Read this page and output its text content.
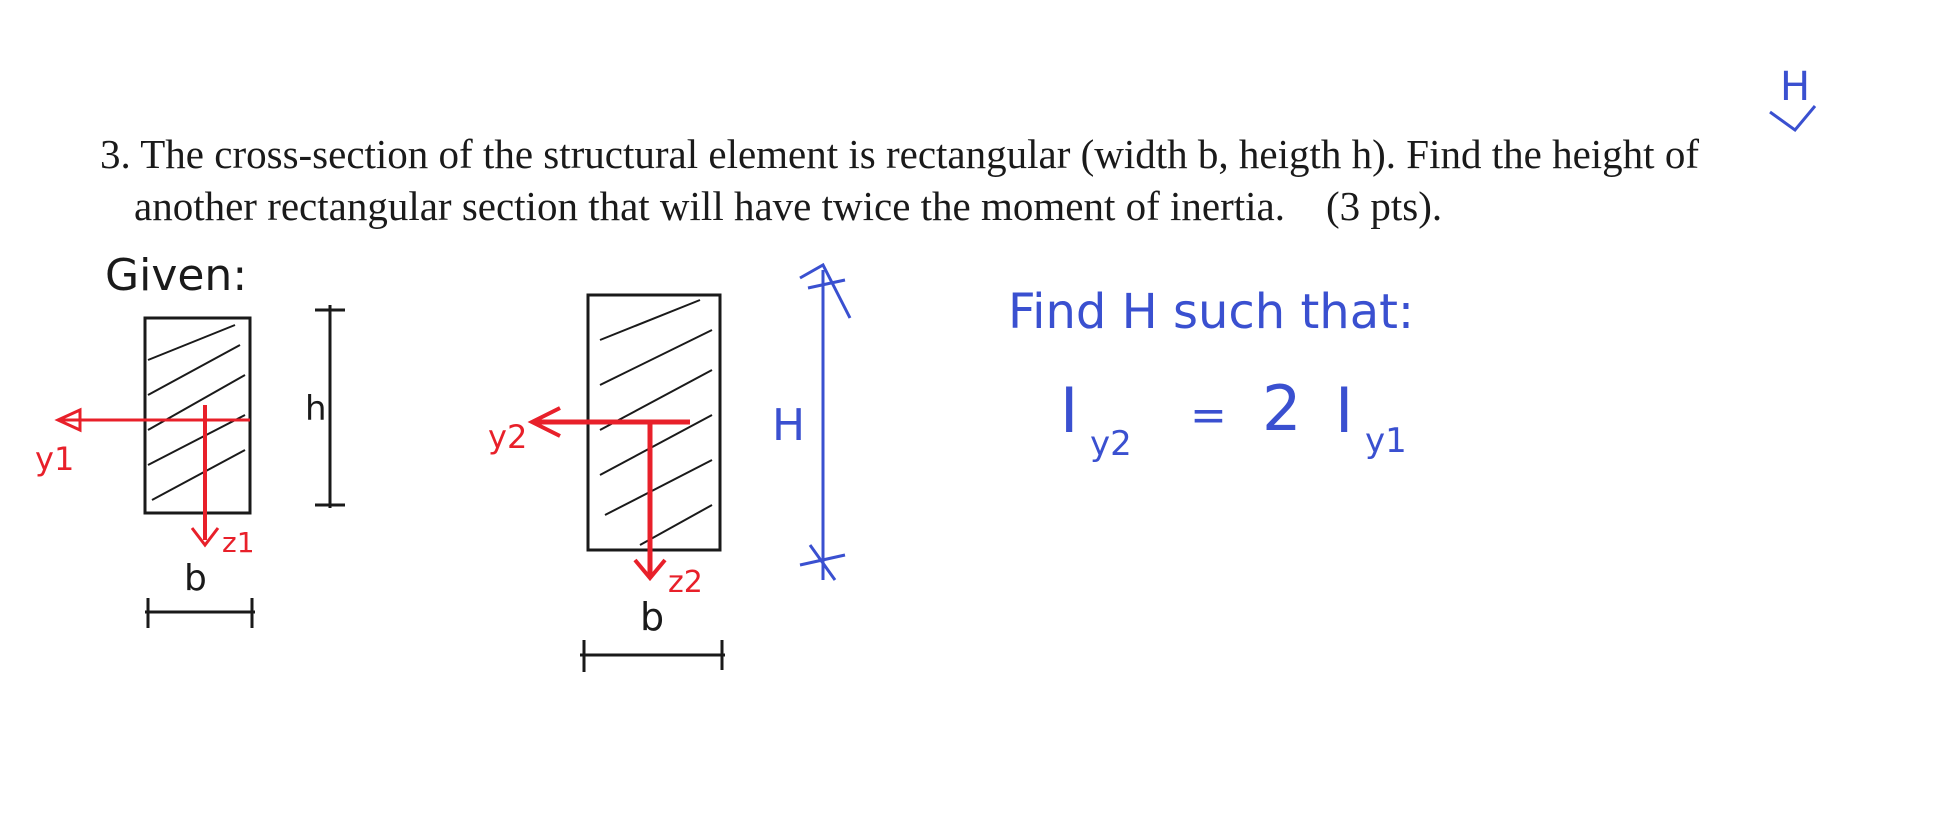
3. The cross-section of the structural element is rectangular (width b, heigth h). Find the height of
another rectangular section that will have twice the moment of inertia. (3 pts).
H
Given:
y1
z1
h
b
y2
z2
H
b
Find H such that:
I y2
= 2 I y1
